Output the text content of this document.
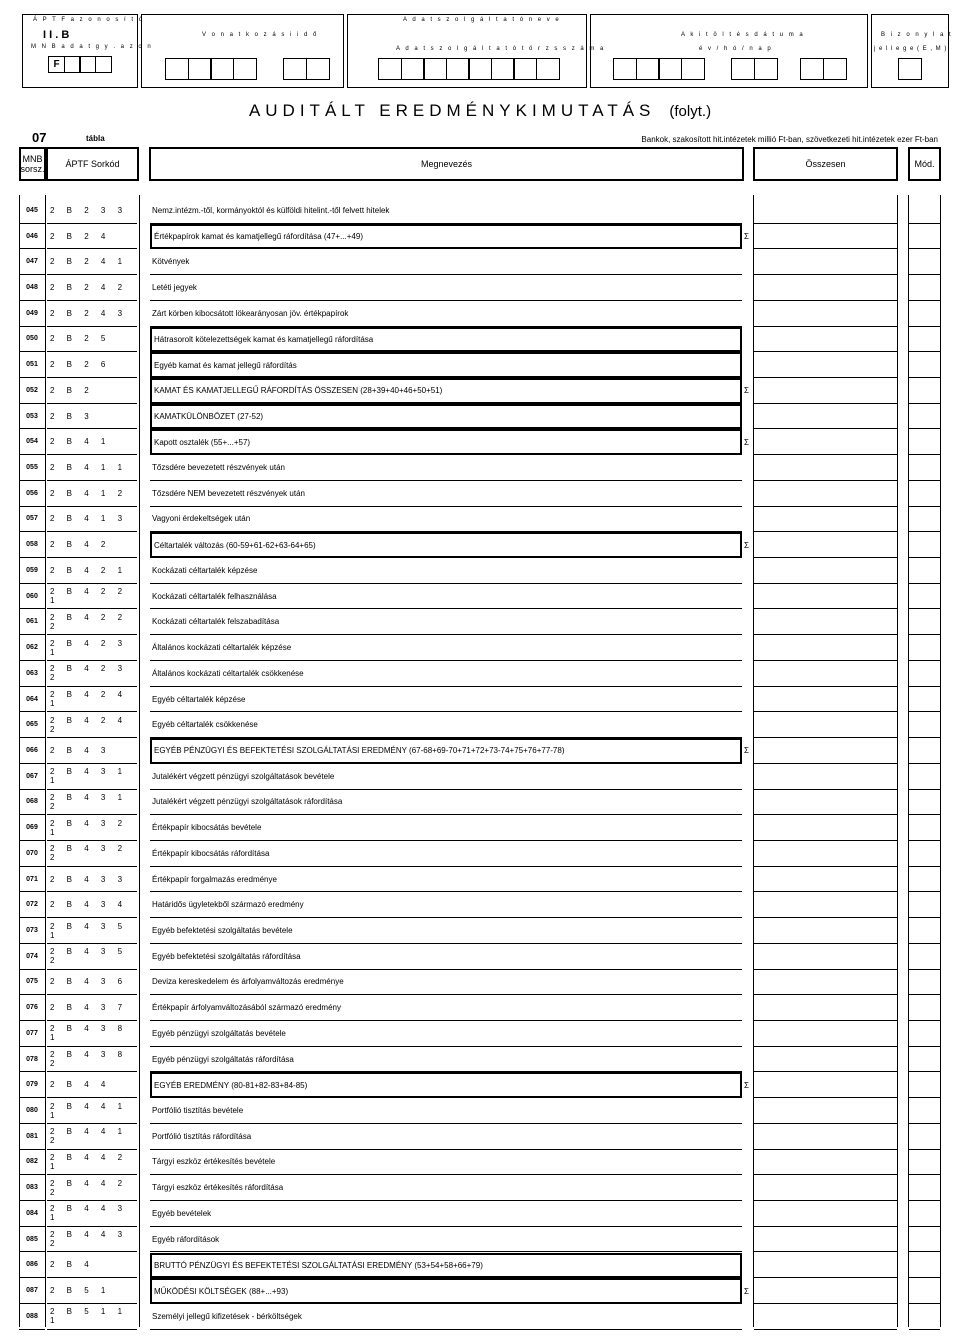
Á P T F a z o n o s í t ó
I I . B
M N B a d a t g y . a z o n
F
V o n a t k o z á s i i d ő
A d a t s z o l g á l t a t ó n e v e
A d a t s z o l g á l t a t ó t ö r z s s z á m a
A k i t ö l t é s d á t u m a
é v / h ó / n a p
B i z o n y l a t
j e l l e g e ( E , M )
AUDITÁLT EREDMÉNYKIMUTATÁS (folyt.)
07	tábla	Bankok, szakosított hit.intézetek millió Ft-ban, szövetkezeti hit.intézetek ezer Ft-ban
MNB sorsz.	ÁPTF Sorkód	Megnevezés	Összesen	Mód.
045	2 B 2 3 3	Nemz.intézm.-től, kormányoktól és külföldi hitelint.-től felvett hitelek
046	2 B 2 4	Értékpapírok kamat és kamatjellegű ráfordítása (47+...+49)	Σ
047	2 B 2 4 1	Kötvények
048	2 B 2 4 2	Letéti jegyek
049	2 B 2 4 3	Zárt körben kibocsátott lökearányosan jöv. értékpapírok
050	2 B 2 5	Hátrasorolt kötelezettségek kamat és kamatjellegű ráfordítása
051	2 B 2 6	Egyéb kamat és kamat jellegű ráfordítás
052	2 B 2	KAMAT ÉS KAMATJELLEGŰ RÁFORDÍTÁS ÖSSZESEN (28+39+40+46+50+51)	Σ
053	2 B 3	KAMATKÜLÖNBÖZET (27-52)
054	2 B 4 1	Kapott osztalék (55+...+57)	Σ
055	2 B 4 1 1	Tőzsdére bevezetett részvények után
056	2 B 4 1 2	Tőzsdére NEM bevezetett részvények után
057	2 B 4 1 3	Vagyoni érdekeltségek után
058	2 B 4 2	Céltartalék változás (60-59+61-62+63-64+65)	Σ
059	2 B 4 2 1	Kockázati céltartalék képzése
060	2 B 4 2 2 1	Kockázati céltartalék felhasználása
061	2 B 4 2 2 2	Kockázati céltartalék felszabadítása
062	2 B 4 2 3 1	Általános kockázati céltartalék képzése
063	2 B 4 2 3 2	Általános kockázati céltartalék csökkenése
064	2 B 4 2 4 1	Egyéb céltartalék képzése
065	2 B 4 2 4 2	Egyéb céltartalék csökkenése
066	2 B 4 3	EGYÉB PÉNZÜGYI ÉS BEFEKTETÉSI SZOLGÁLTATÁSI EREDMÉNY (67-68+69-70+71+72+73-74+75+76+77-78)	Σ
067	2 B 4 3 1 1	Jutalékért végzett pénzügyi szolgáltatások bevétele
068	2 B 4 3 1 2	Jutalékért végzett pénzügyi szolgáltatások ráfordítása
069	2 B 4 3 2 1	Értékpapír kibocsátás bevétele
070	2 B 4 3 2 2	Értékpapír kibocsátás ráfordítása
071	2 B 4 3 3	Értékpapír forgalmazás eredménye
072	2 B 4 3 4	Határidős ügyletekből származó eredmény
073	2 B 4 3 5 1	Egyéb befektetési szolgáltatás bevétele
074	2 B 4 3 5 2	Egyéb befektetési szolgáltatás ráfordítása
075	2 B 4 3 6	Deviza kereskedelem és árfolyamváltozás eredménye
076	2 B 4 3 7	Értékpapír árfolyamváltozásából származó eredmény
077	2 B 4 3 8 1	Egyéb pénzügyi szolgáltatás bevétele
078	2 B 4 3 8 2	Egyéb pénzügyi szolgáltatás ráfordítása
079	2 B 4 4	EGYÉB EREDMÉNY (80-81+82-83+84-85)	Σ
080	2 B 4 4 1 1	Portfólió tisztítás bevétele
081	2 B 4 4 1 2	Portfólió tisztítás ráfordítása
082	2 B 4 4 2 1	Tárgyi eszköz értékesítés bevétele
083	2 B 4 4 2 2	Tárgyi eszköz értékesítés ráfordítása
084	2 B 4 4 3 1	Egyéb bevételek
085	2 B 4 4 3 2	Egyéb ráfordítások
086	2 B 4	BRUTTÓ PÉNZÜGYI ÉS BEFEKTETÉSI SZOLGÁLTATÁSI EREDMÉNY (53+54+58+66+79)
087	2 B 5 1	MŰKÖDÉSI KÖLTSÉGEK (88+...+93)	Σ
088	2 B 5 1 1 1	Személyi jellegű kifizetések - bérköltségek
